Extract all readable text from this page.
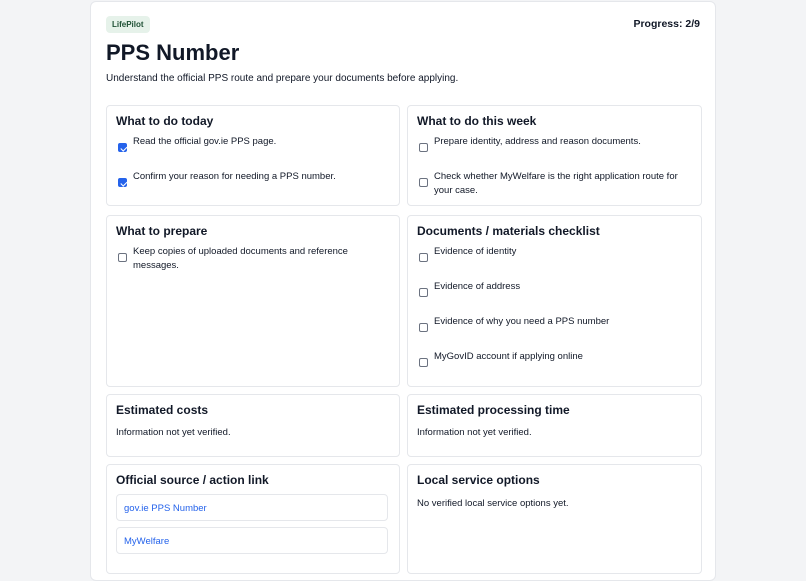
LifePilot	Progress: 2/9
PPS Number
Understand the official PPS route and prepare your documents before applying.
What to do today
Read the official gov.ie PPS page.
Confirm your reason for needing a PPS number.
What to do this week
Prepare identity, address and reason documents.
Check whether MyWelfare is the right application route for your case.
What to prepare
Keep copies of uploaded documents and reference messages.
Documents / materials checklist
Evidence of identity
Evidence of address
Evidence of why you need a PPS number
MyGovID account if applying online
Estimated costs
Information not yet verified.
Estimated processing time
Information not yet verified.
Official source / action link
gov.ie PPS Number
MyWelfare
Local service options
No verified local service options yet.
